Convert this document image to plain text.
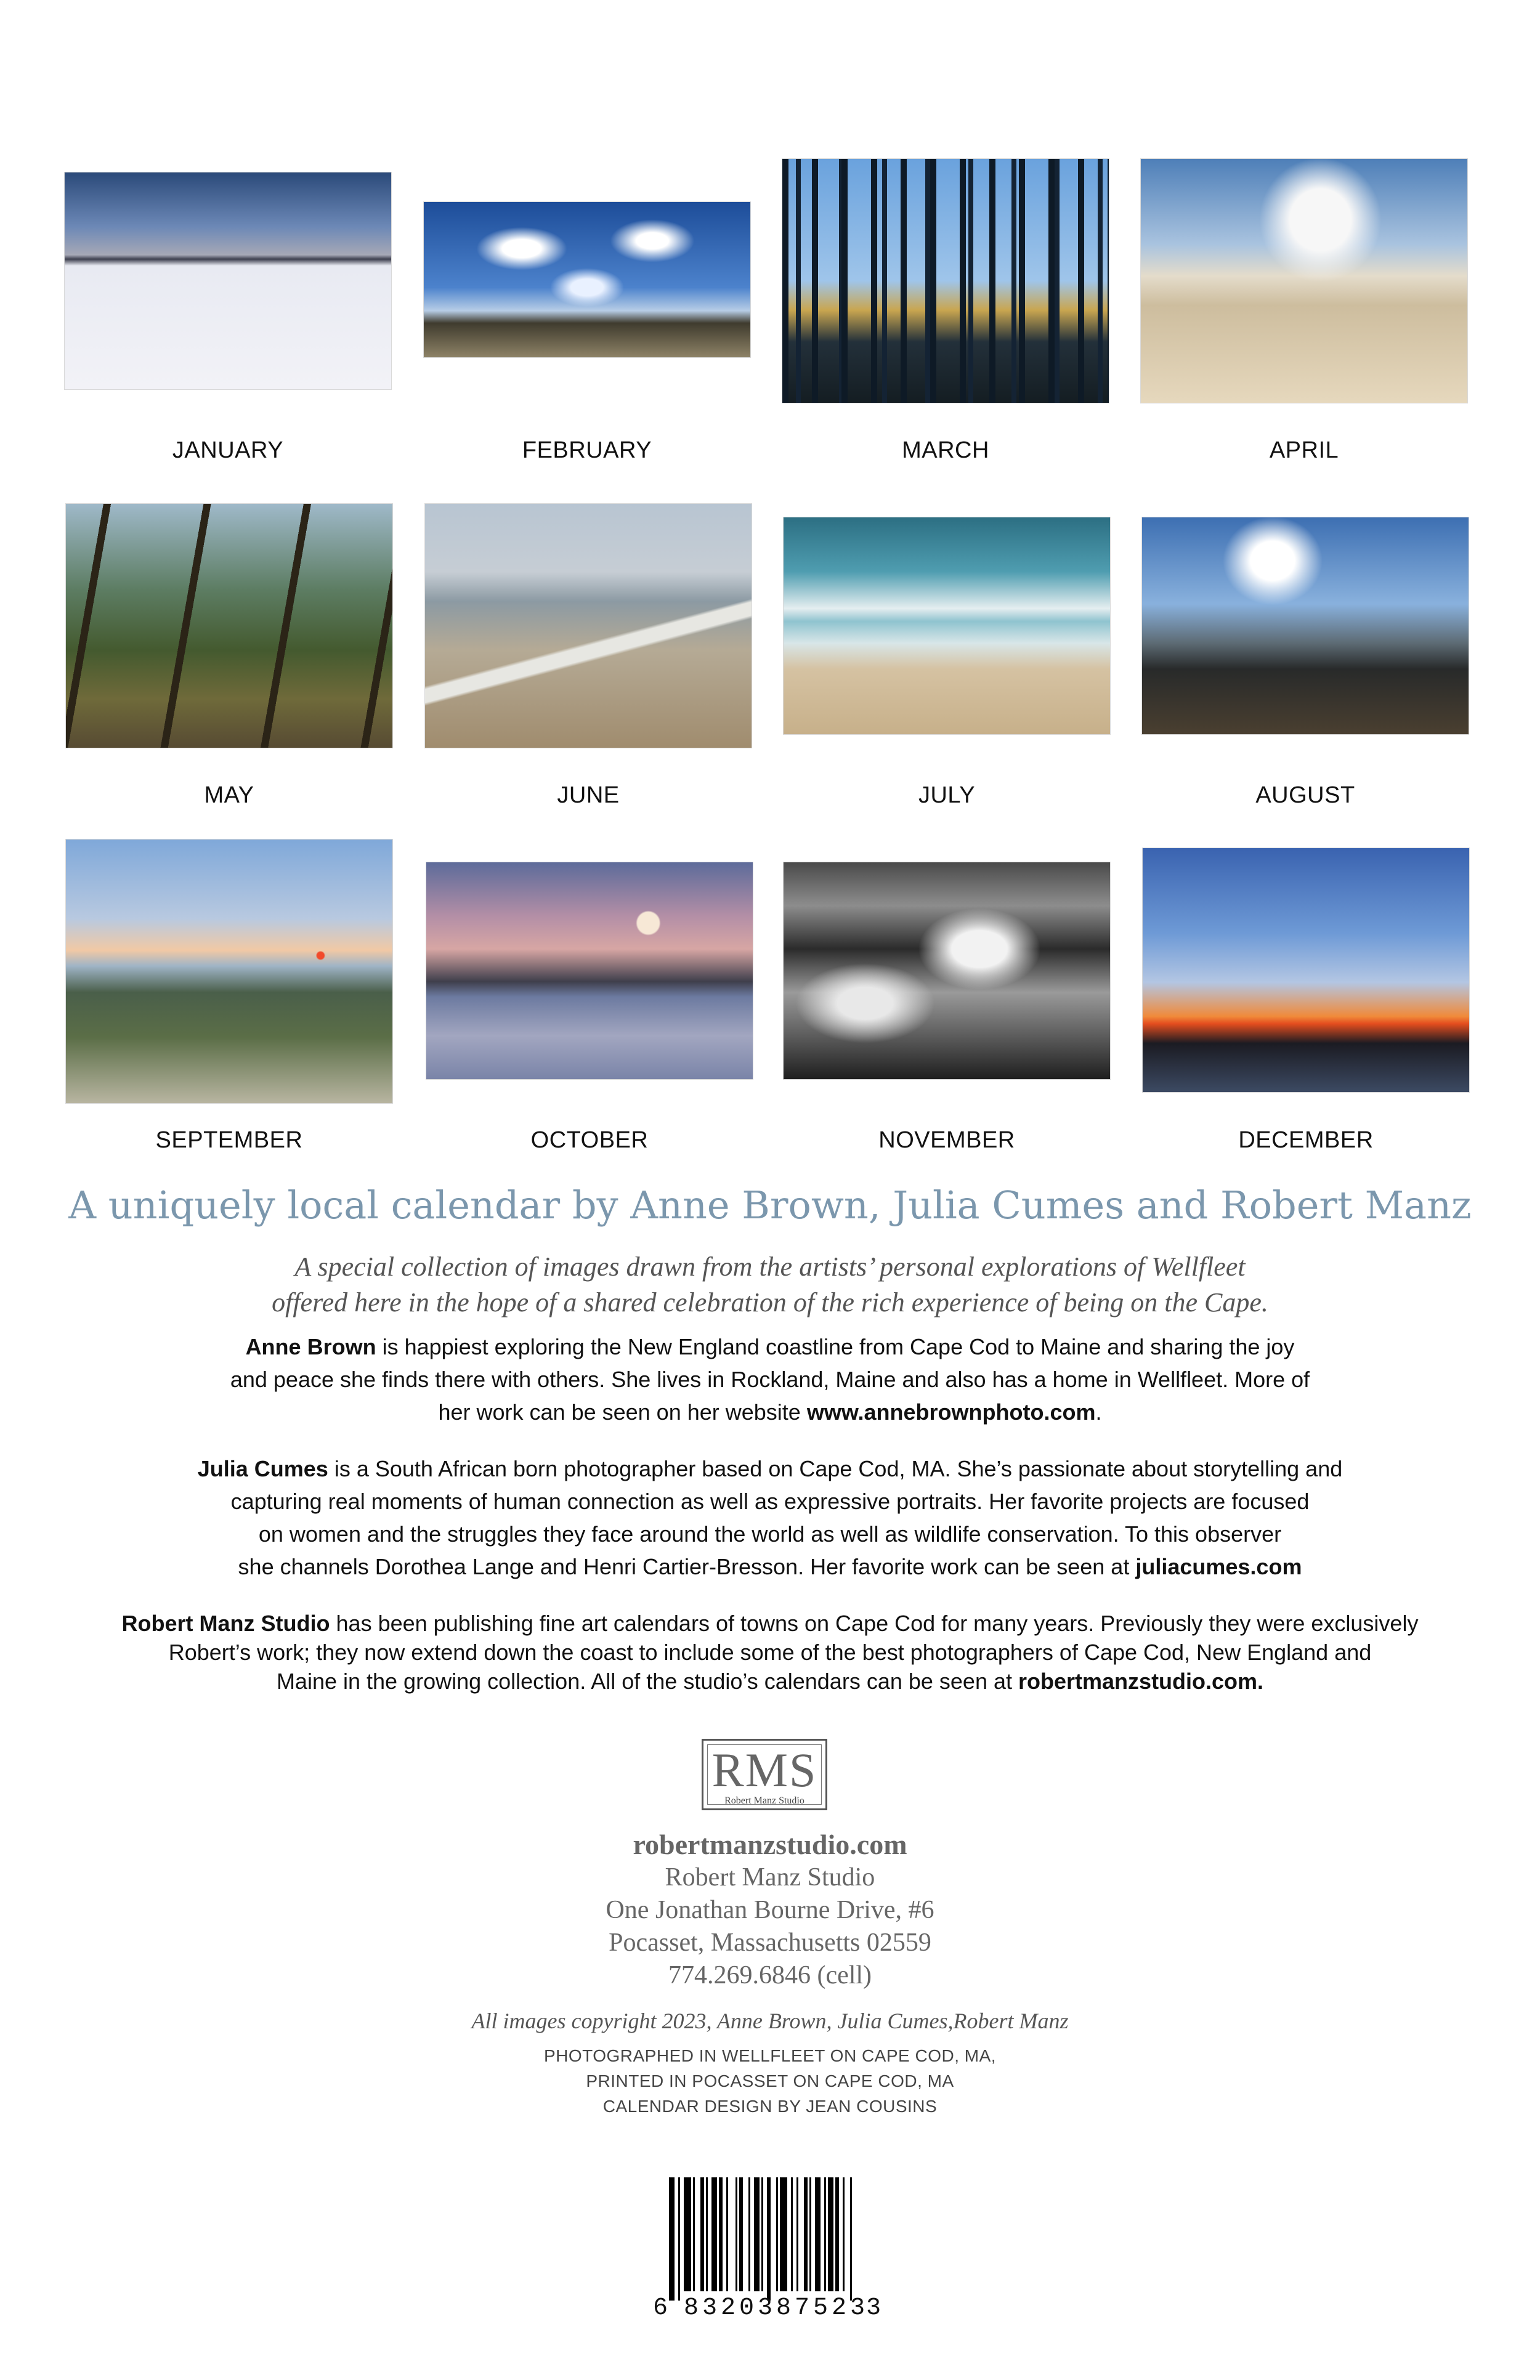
JANUARY	FEBRUARY	MARCH	APRIL
MAY	JUNE	JULY	AUGUST
SEPTEMBER	OCTOBER	NOVEMBER	DECEMBER
A uniquely local calendar by Anne Brown, Julia Cumes and Robert Manz
A special collection of images drawn from the artists’ personal explorations of Wellfleet
offered here in the hope of a shared celebration of the rich experience of being on the Cape.
Anne Brown is happiest exploring the New England coastline from Cape Cod to Maine and sharing the joy
and peace she finds there with others. She lives in Rockland, Maine and also has a home in Wellfleet. More of
her work can be seen on her website www.annebrownphoto.com.
Julia Cumes is a South African born photographer based on Cape Cod, MA. She’s passionate about storytelling and
capturing real moments of human connection as well as expressive portraits. Her favorite projects are focused
on women and the struggles they face around the world as well as wildlife conservation. To this observer
she channels Dorothea Lange and Henri Cartier-Bresson. Her favorite work can be seen at juliacumes.com
Robert Manz Studio has been publishing fine art calendars of towns on Cape Cod for many years. Previously they were exclusively
Robert’s work; they now extend down the coast to include some of the best photographers of Cape Cod, New England and
Maine in the growing collection. All of the studio’s calendars can be seen at robertmanzstudio.com.
RMS
Robert Manz Studio
robertmanzstudio.com
Robert Manz Studio
One Jonathan Bourne Drive, #6
Pocasset, Massachusetts 02559
774.269.6846 (cell)
All images copyright 2023, Anne Brown, Julia Cumes,Robert Manz
PHOTOGRAPHED IN WELLFLEET ON CAPE COD, MA,
PRINTED IN POCASSET ON CAPE COD, MA
CALENDAR DESIGN BY JEAN COUSINS
6 83203 87523
3
